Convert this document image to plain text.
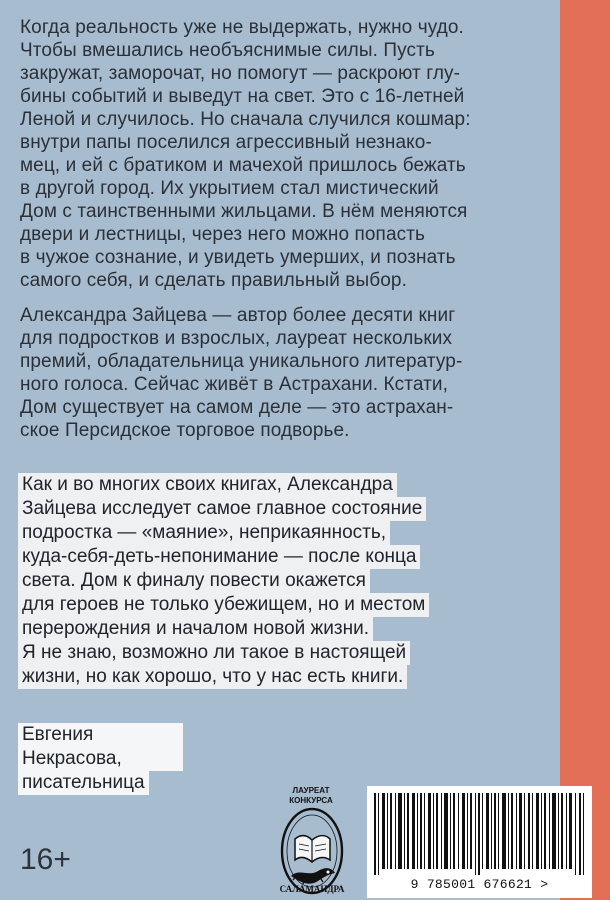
Когда реальность уже не выдержать, нужно чудо.
Чтобы вмешались необъяснимые силы. Пусть
закружат, заморочат, но помогут — раскроют глу-
бины событий и выведут на свет. Это с 16-летней
Леной и случилось. Но сначала случился кошмар:
внутри папы поселился агрессивный незнако-
мец, и ей с братиком и мачехой пришлось бежать
в другой город. Их укрытием стал мистический
Дом с таинственными жильцами. В нём меняются
двери и лестницы, через него можно попасть
в чужое сознание, и увидеть умерших, и познать
самого себя, и сделать правильный выбор.

Александра Зайцева — автор более десяти книг
для подростков и взрослых, лауреат нескольких
премий, обладательница уникального литератур-
ного голоса. Сейчас живёт в Астрахани. Кстати,
Дом существует на самом деле — это астрахан-
ское Персидское торговое подворье.

Как и во многих своих книгах, Александра
Зайцева исследует самое главное состояние
подростка — «маяние», неприкаянность,
куда-себя-деть-непонимание — после конца
света. Дом к финалу повести окажется
для героев не только убежищем, но и местом
перерождения и началом новой жизни.
Я не знаю, возможно ли такое в настоящей
жизни, но как хорошо, что у нас есть книги.
Евгения Некрасова,
писательница
16+
ЛАУРЕАТ КОНКУРСА
САЛАМАНДРА	9 785001 676621 >
